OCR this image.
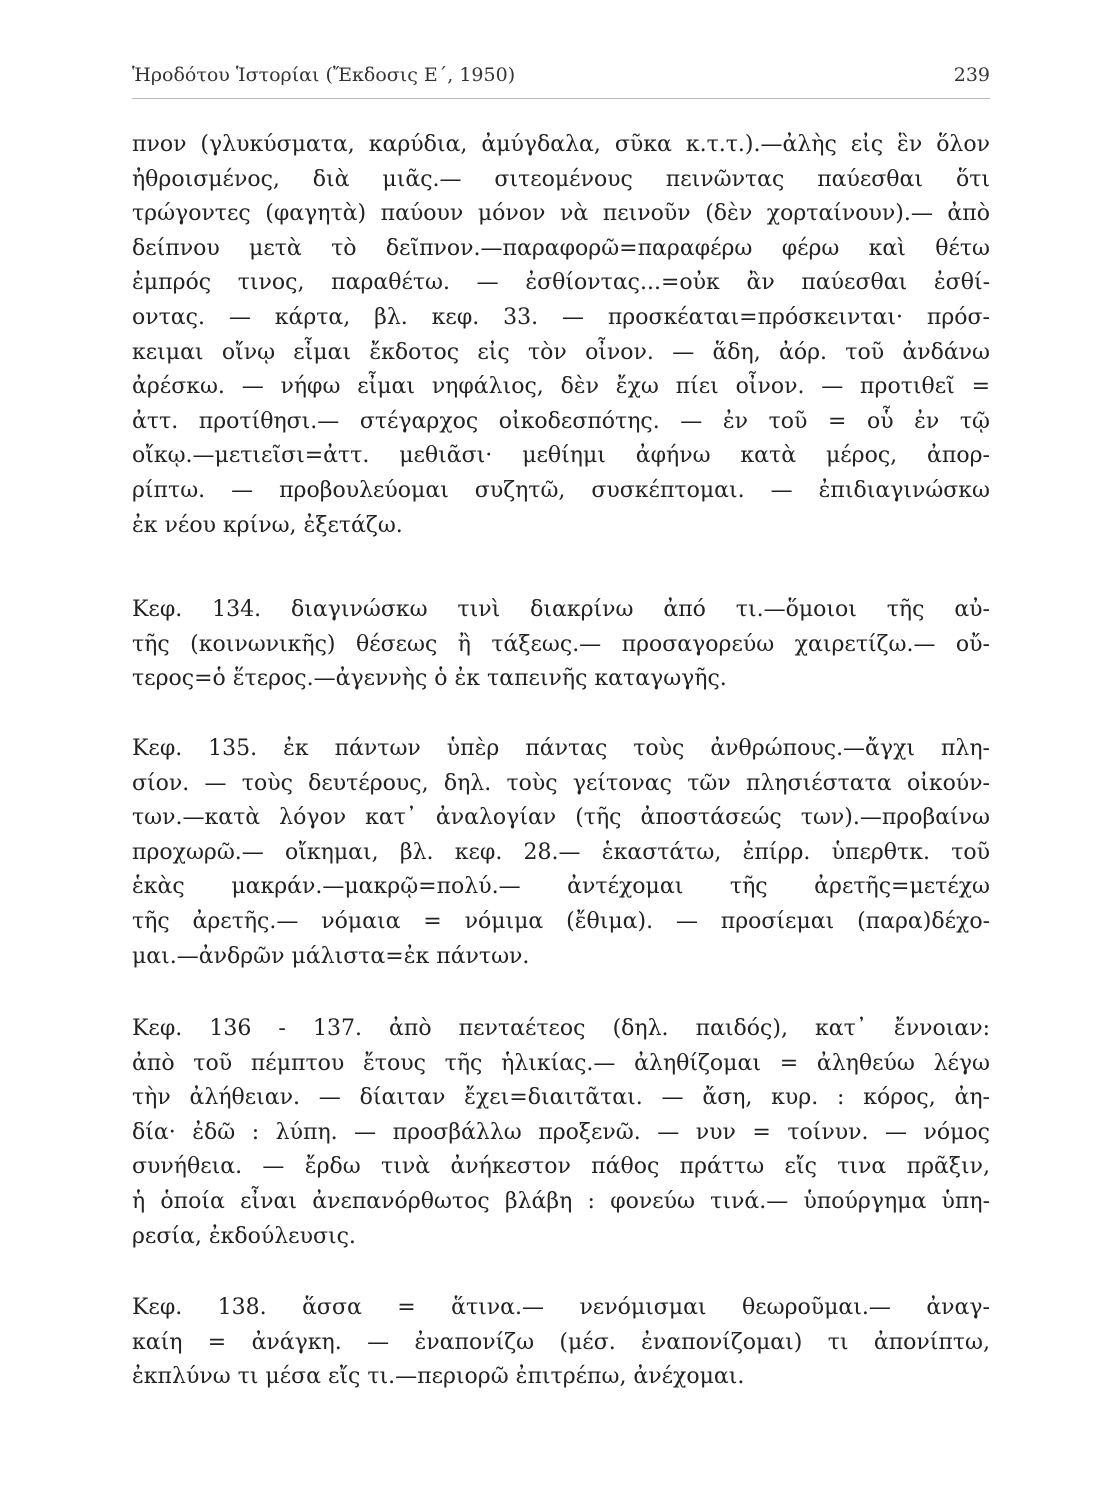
Ἡροδότου Ἱστορίαι (Ἔκδοσις Ε΄, 1950)	239
πνον (γλυκύσματα, καρύδια, ἀμύγδαλα, σῦκα κ.τ.τ.).—ἀλὴς εἰς ἓν ὅλον
ἠθροισμένος, διὰ μιᾶς.— σιτεομένους πεινῶντας παύεσθαι ὅτι
τρώγοντες (φαγητὰ) παύουν μόνον νὰ πεινοῦν (δὲν χορταίνουν).— ἀπὸ
δείπνου μετὰ τὸ δεῖπνον.—παραφορῶ=παραφέρω φέρω καὶ θέτω
ἐμπρός τινος, παραθέτω. — ἐσθίοντας...=οὐκ ἂν παύεσθαι ἐσθί-
οντας. — κάρτα, βλ. κεφ. 33. — προσκέαται=πρόσκεινται· πρόσ-
κειμαι οἴνῳ εἶμαι ἔκδοτος εἰς τὸν οἶνον. — ἅδη, ἀόρ. τοῦ ἀνδάνω
ἀρέσκω. — νήφω εἶμαι νηφάλιος, δὲν ἔχω πίει οἶνον. — προτιθεῖ =
ἀττ. προτίθησι.— στέγαρχος οἰκοδεσπότης. — ἐν τοῦ = οὗ ἐν τῷ
οἴκῳ.—μετιεῖσι=ἀττ. μεθιᾶσι· μεθίημι ἀφήνω κατὰ μέρος, ἀπορ-
ρίπτω. — προβουλεύομαι συζητῶ, συσκέπτομαι. — ἐπιδιαγινώσκω
ἐκ νέου κρίνω, ἐξετάζω.
Κεφ. 134. διαγινώσκω τινὶ διακρίνω ἀπό τι.—ὅμοιοι τῆς αὐ-
τῆς (κοινωνικῆς) θέσεως ἢ τάξεως.— προσαγορεύω χαιρετίζω.— οὔ-
τερος=ὁ ἕτερος.—ἀγεννὴς ὁ ἐκ ταπεινῆς καταγωγῆς.
Κεφ. 135. ἐκ πάντων ὑπὲρ πάντας τοὺς ἀνθρώπους.—ἄγχι πλη-
σίον. — τοὺς δευτέρους, δηλ. τοὺς γείτονας τῶν πλησιέστατα οἰκούν-
των.—κατὰ λόγον κατ᾽ ἀναλογίαν (τῆς ἀποστάσεώς των).—προβαίνω
προχωρῶ.— οἴκημαι, βλ. κεφ. 28.— ἑκαστάτω, ἐπίρρ. ὑπερθτκ. τοῦ
ἑκὰς μακράν.—μακρῷ=πολύ.— ἀντέχομαι τῆς ἀρετῆς=μετέχω
τῆς ἀρετῆς.— νόμαια = νόμιμα (ἔθιμα). — προσίεμαι (παρα)δέχο-
μαι.—ἀνδρῶν μάλιστα=ἐκ πάντων.
Κεφ. 136 - 137. ἀπὸ πενταέτεος (δηλ. παιδός), κατ᾽ ἔννοιαν:
ἀπὸ τοῦ πέμπτου ἔτους τῆς ἡλικίας.— ἀληθίζομαι = ἀληθεύω λέγω
τὴν ἀλήθειαν. — δίαιταν ἔχει=διαιτᾶται. — ἄση, κυρ. : κόρος, ἀη-
δία· ἐδῶ : λύπη. — προσβάλλω προξενῶ. — νυν = τοίνυν. — νόμος
συνήθεια. — ἔρδω τινὰ ἀνήκεστον πάθος πράττω εἴς τινα πρᾶξιν,
ἡ ὁποία εἶναι ἀνεπανόρθωτος βλάβη : φονεύω τινά.— ὑπούργημα ὑπη-
ρεσία, ἐκδούλευσις.
Κεφ. 138. ἅσσα = ἅτινα.— νενόμισμαι θεωροῦμαι.— ἀναγ-
καίη = ἀνάγκη. — ἐναπονίζω (μέσ. ἐναπονίζομαι) τι ἀπονίπτω,
ἐκπλύνω τι μέσα εἴς τι.—περιορῶ ἐπιτρέπω, ἀνέχομαι.
